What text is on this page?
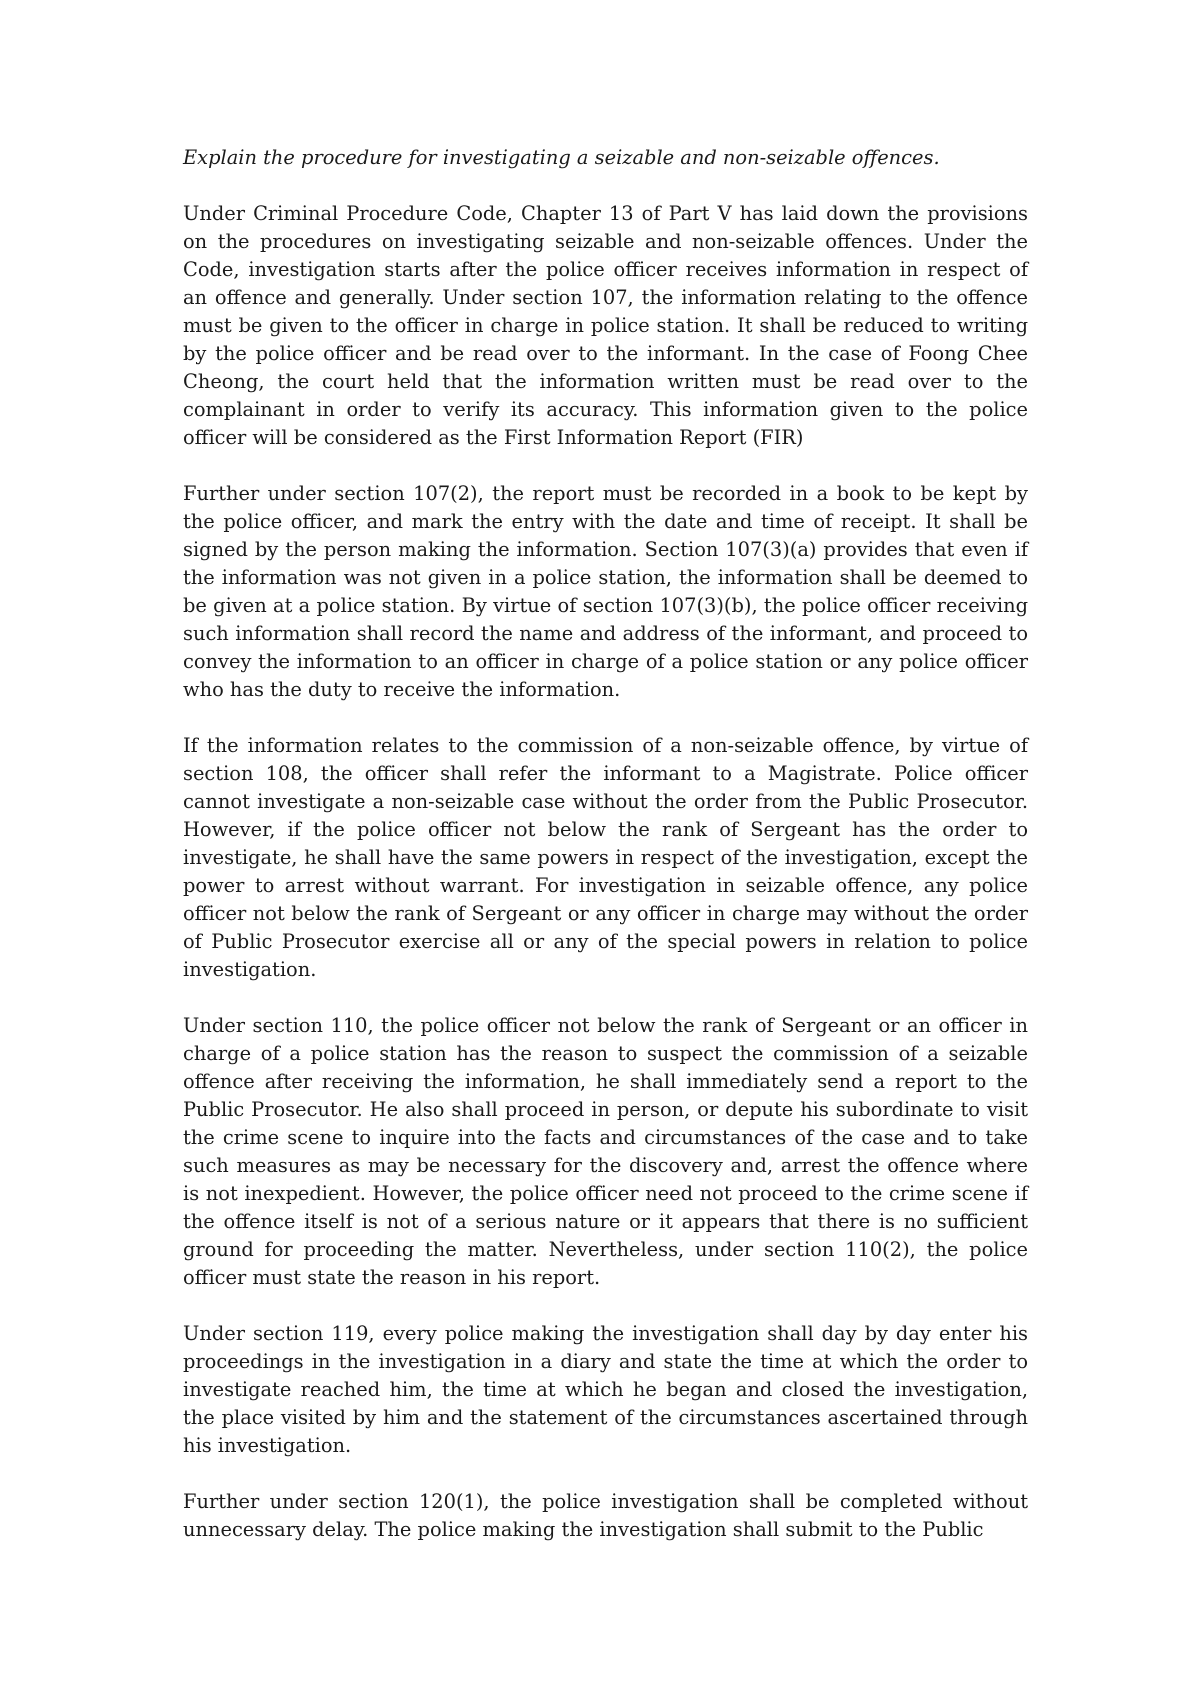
Explain the procedure for investigating a seizable and non-seizable offences.

Under Criminal Procedure Code, Chapter 13 of Part V has laid down the provisions on the procedures on investigating seizable and non-seizable offences. Under the Code, investigation starts after the police officer receives information in respect of an offence and generally. Under section 107, the information relating to the offence must be given to the officer in charge in police station. It shall be reduced to writing by the police officer and be read over to the informant. In the case of Foong Chee Cheong, the court held that the information written must be read over to the complainant in order to verify its accuracy. This information given to the police officer will be considered as the First Information Report (FIR)

Further under section 107(2), the report must be recorded in a book to be kept by the police officer, and mark the entry with the date and time of receipt. It shall be signed by the person making the information. Section 107(3)(a) provides that even if the information was not given in a police station, the information shall be deemed to be given at a police station. By virtue of section 107(3)(b), the police officer receiving such information shall record the name and address of the informant, and proceed to convey the information to an officer in charge of a police station or any police officer who has the duty to receive the information.

If the information relates to the commission of a non-seizable offence, by virtue of section 108, the officer shall refer the informant to a Magistrate. Police officer cannot investigate a non-seizable case without the order from the Public Prosecutor. However, if the police officer not below the rank of Sergeant has the order to investigate, he shall have the same powers in respect of the investigation, except the power to arrest without warrant. For investigation in seizable offence, any police officer not below the rank of Sergeant or any officer in charge may without the order of Public Prosecutor exercise all or any of the special powers in relation to police investigation.

Under section 110, the police officer not below the rank of Sergeant or an officer in charge of a police station has the reason to suspect the commission of a seizable offence after receiving the information, he shall immediately send a report to the Public Prosecutor. He also shall proceed in person, or depute his subordinate to visit the crime scene to inquire into the facts and circumstances of the case and to take such measures as may be necessary for the discovery and, arrest the offence where is not inexpedient. However, the police officer need not proceed to the crime scene if the offence itself is not of a serious nature or it appears that there is no sufficient ground for proceeding the matter. Nevertheless, under section 110(2), the police officer must state the reason in his report.

Under section 119, every police making the investigation shall day by day enter his proceedings in the investigation in a diary and state the time at which the order to investigate reached him, the time at which he began and closed the investigation, the place visited by him and the statement of the circumstances ascertained through his investigation.

Further under section 120(1), the police investigation shall be completed without unnecessary delay. The police making the investigation shall submit to the Public
